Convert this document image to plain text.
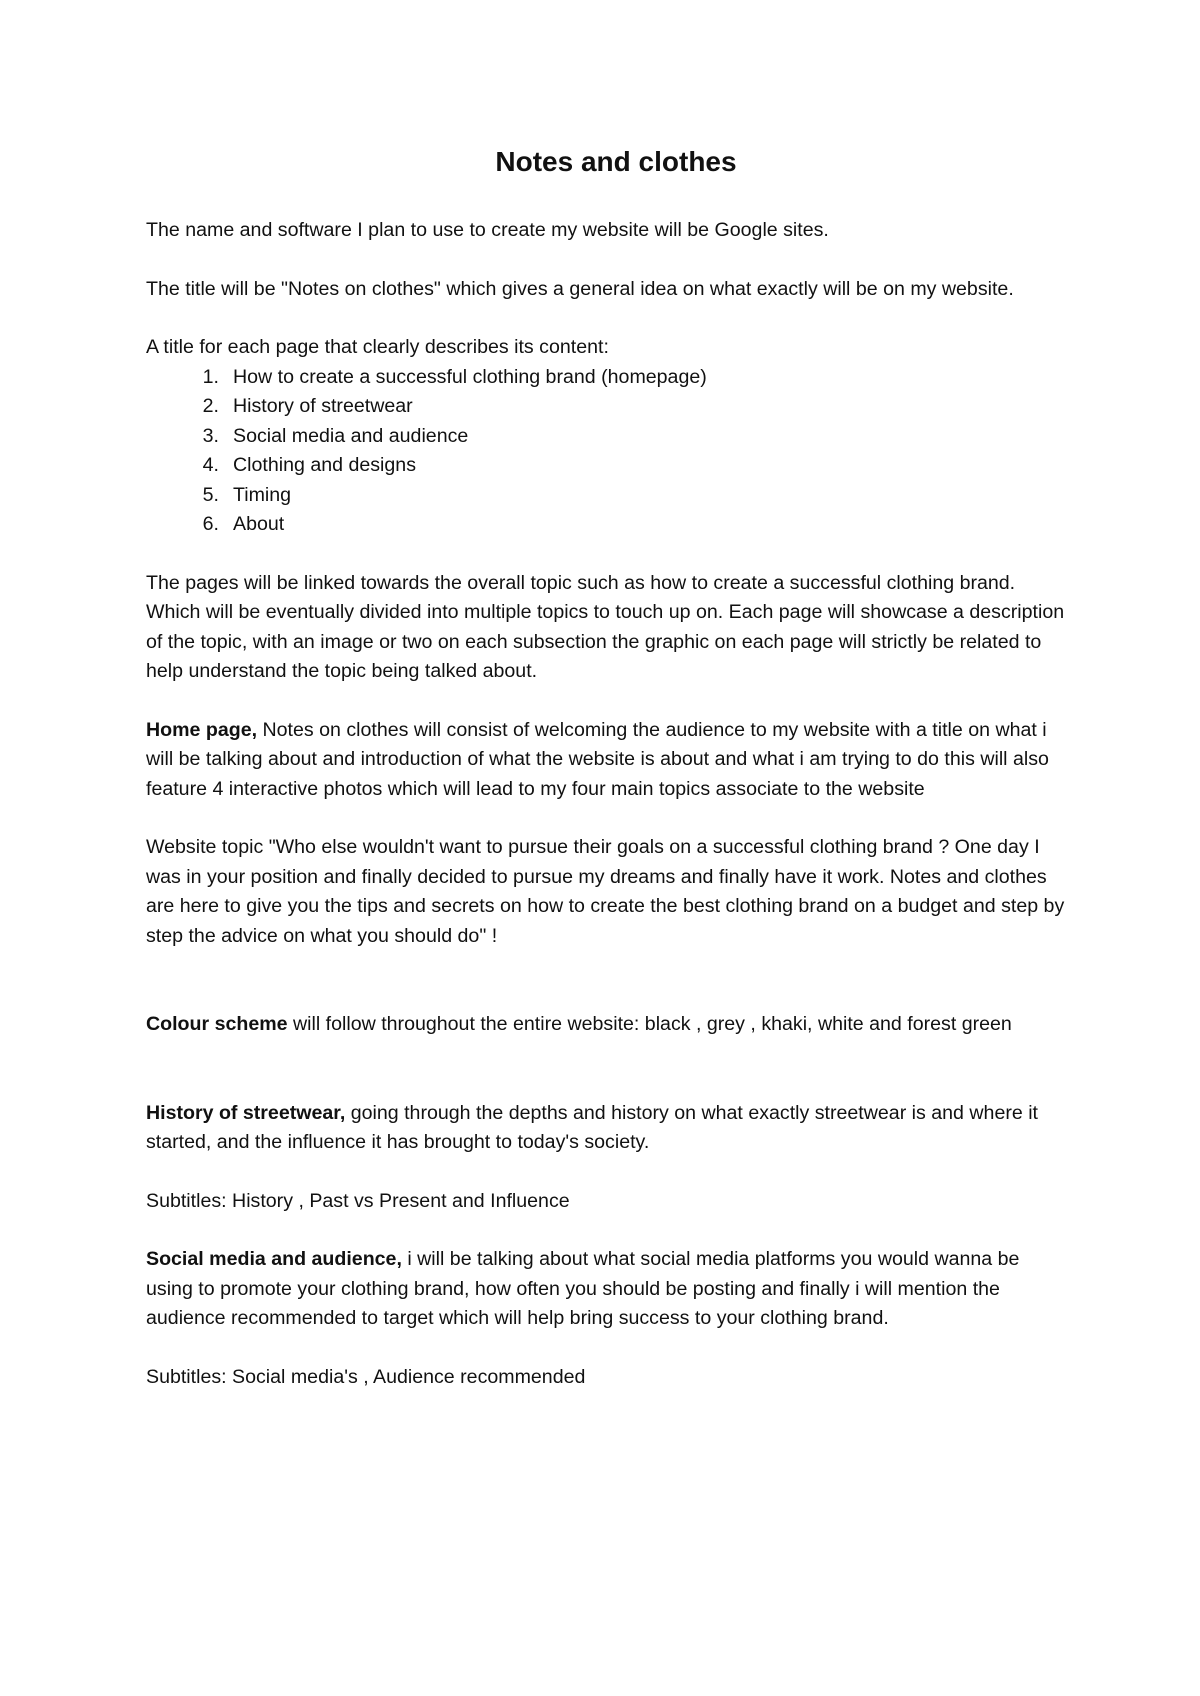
Notes and clothes

The name and software I plan to use to create my website will be Google sites.

The title will be "Notes on clothes" which gives a general idea on what exactly will be on my website.

A title for each page that clearly describes its content:

1. How to create a successful clothing brand (homepage)
2. History of streetwear
3. Social media and audience
4. Clothing and designs
5. Timing
6. About

The pages will be linked towards the overall topic such as how to create a successful clothing brand. Which will be eventually divided into multiple topics to touch up on. Each page will showcase a description of the topic, with an image or two on each subsection the graphic on each page will strictly be related to help understand the topic being talked about.

Home page, Notes on clothes will consist of welcoming the audience to my website with a title on what i will be talking about and introduction of what the website is about and what i am trying to do this will also feature 4 interactive photos which will lead to my four main topics associate to the website

Website topic "Who else wouldn't want to pursue their goals on a successful clothing brand ? One day I was in your position and finally decided to pursue my dreams and finally have it work. Notes and clothes are here to give you the tips and secrets on how to create the best clothing brand on a budget and step by step the advice on what you should do" !

Colour scheme will follow throughout the entire website: black , grey , khaki, white and forest green

History of streetwear, going through the depths and history on what exactly streetwear is and where it started, and the influence it has brought to today's society.

Subtitles: History , Past vs Present and Influence

Social media and audience, i will be talking about what social media platforms you would wanna be using to promote your clothing brand, how often you should be posting and finally i will mention the audience recommended to target which will help bring success to your clothing brand.

Subtitles: Social media's , Audience recommended
